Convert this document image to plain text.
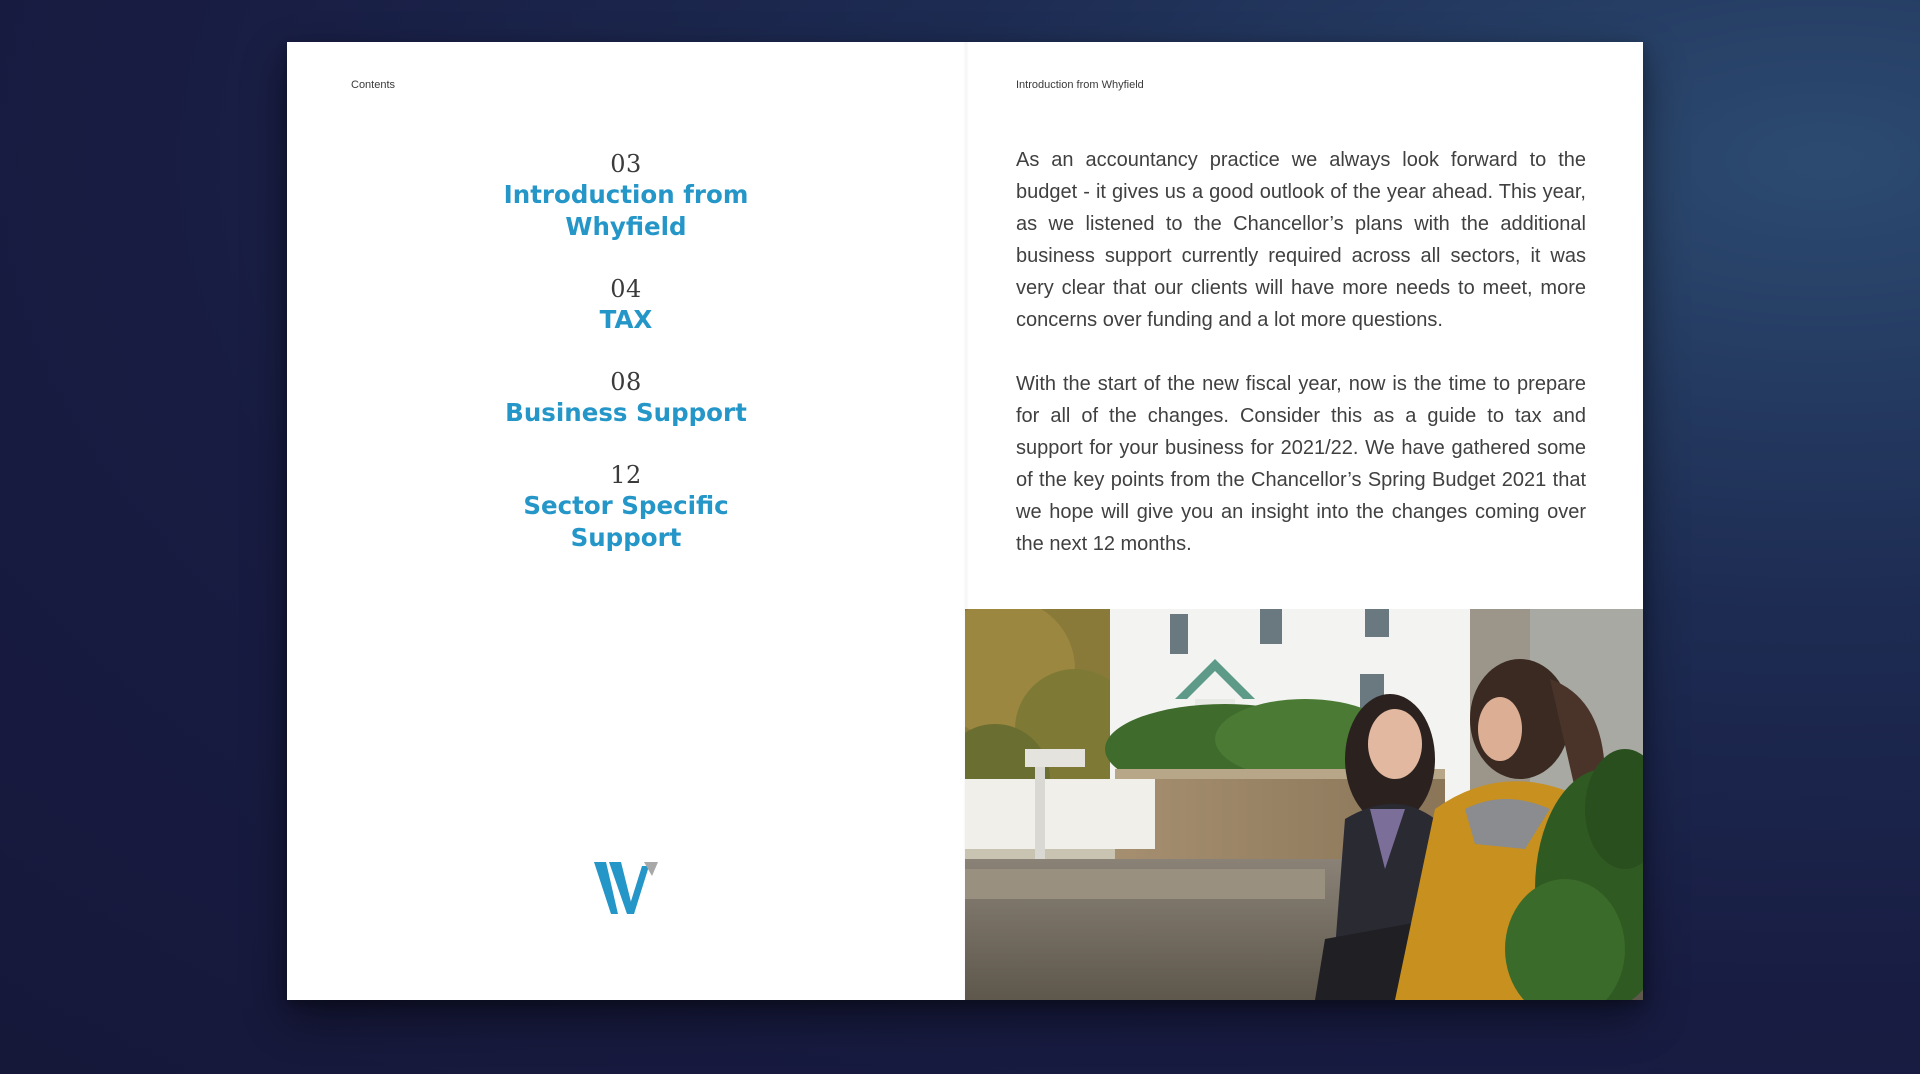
Contents
03
Introduction from Whyfield
04
TAX
08
Business Support
12
Sector Specific Support
Introduction from Whyfield

As an accountancy practice we always look forward to the budget - it gives us a good outlook of the year ahead. This year, as we listened to the Chancellor’s plans with the additional business support currently required across all sectors, it was very clear that our clients will have more needs to meet, more concerns over funding and a lot more questions.

With the start of the new fiscal year, now is the time to prepare for all of the changes. Consider this as a guide to tax and support for your business for 2021/22. We have gathered some of the key points from the Chancellor’s Spring Budget 2021 that we hope will give you an insight into the changes coming over the next 12 months.
